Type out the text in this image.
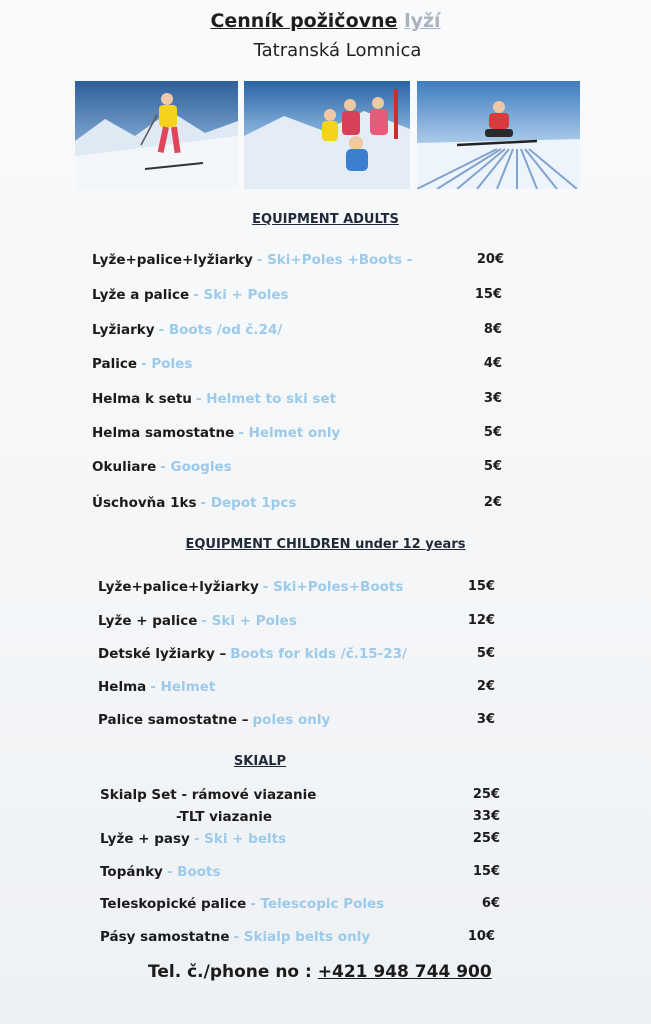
Cenník požičovne lyží
Tatranská Lomnica
EQUIPMENT ADULTS
Lyže+palice+lyžiarky - Ski+Poles +Boots -	20€
Lyže a palice - Ski + Poles	15€
Lyžiarky - Boots /od č.24/	8€
Palice - Poles	4€
Helma k setu - Helmet to ski set	3€
Helma samostatne - Helmet only	5€
Okuliare - Googles	5€
Úschovňa 1ks - Depot 1pcs	2€
EQUIPMENT CHILDREN under 12 years
Lyže+palice+lyžiarky - Ski+Poles+Boots	15€
Lyže + palice - Ski + Poles	12€
Detské lyžiarky – Boots for kids /č.15-23/	5€
Helma - Helmet	2€
Palice samostatne – poles only	3€
SKIALP
Skialp Set - rámové viazanie	25€
-TLT viazanie	33€
Lyže + pasy - Ski + belts	25€
Topánky - Boots	15€
Teleskopické palice - Telescopic Poles	6€
Pásy samostatne - Skialp belts only	10€
Tel. č./phone no : +421 948 744 900
